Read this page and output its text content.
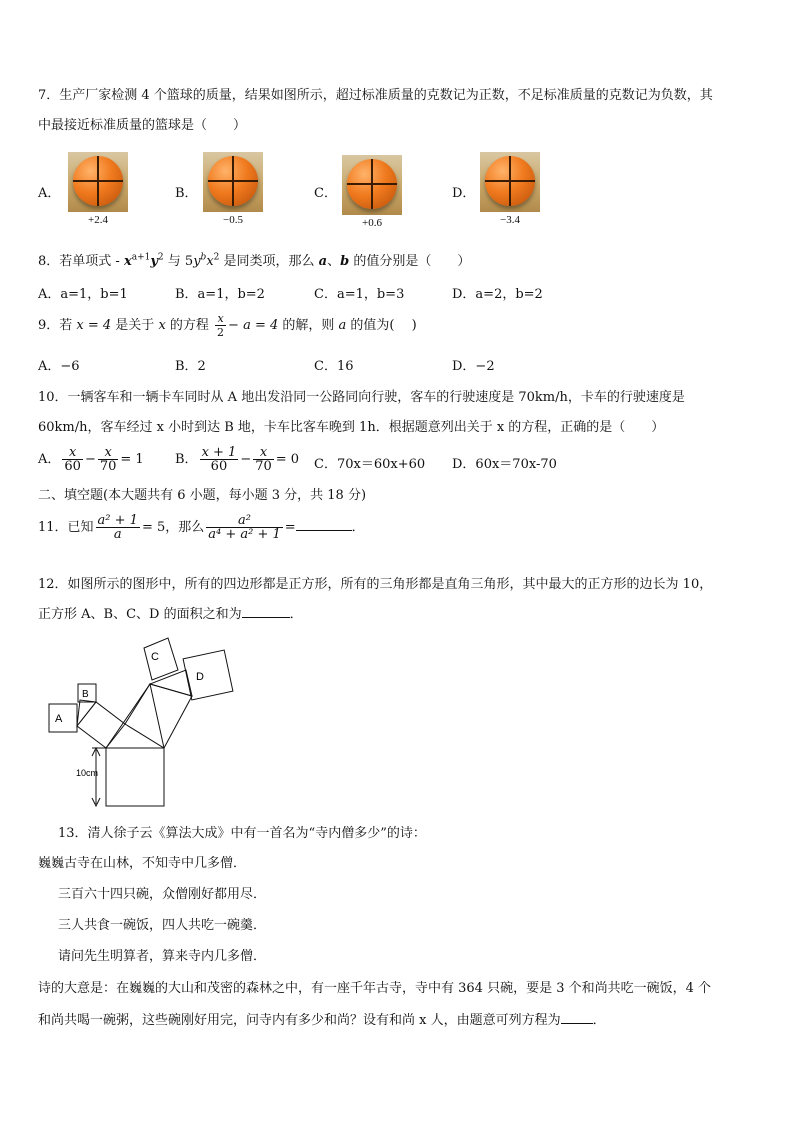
7．生产厂家检测 4 个篮球的质量，结果如图所示，超过标准质量的克数记为正数，不足标准质量的克数记为负数，其
中最接近标准质量的篮球是（　　）
A．
+2.4
B．
−0.5
C．
+0.6
D．
−3.4
8．若单项式 - $x^{a+1}y^2$ 与 $5y^bx^2$ 是同类项，那么 a、b 的值分别是（　　）
A．a=1，b=1	B．a=1，b=2	C．a=1，b=3	D．a=2，b=2
9．若 x = 4 是关于 x 的方程 $\frac{x}{2} - a = 4$ 的解，则 a 的值为(　 )
A．−6	B．2	C．16	D．−2
10．一辆客车和一辆卡车同时从 A 地出发沿同一公路同向行驶，客车的行驶速度是 70km/h，卡车的行驶速度是
60km/h，客车经过 x 小时到达 B 地，卡车比客车晚到 1h．根据题意列出关于 x 的方程，正确的是（　　）
A． $\frac{x}{60} - \frac{x}{70} = 1$ B． $\frac{x + 1}{60} - \frac{x}{70} = 0$ C．70x＝60x+60 D．60x＝70x-70
二、填空题(本大题共有 6 小题，每小题 3 分，共 18 分)
11．已知 $\frac{\text{a² + 1}}{a} = 5$，那么 $\frac{\text{a²}}{\text{a⁴ + a² + 1}}$ =	．
12．如图所示的图形中，所有的四边形都是正方形，所有的三角形都是直角三角形，其中最大的正方形的边长为 10，
正方形 A、B、C、D 的面积之和为	．
A
B
C
D
10cm
13．清人徐子云《算法大成》中有一首名为“寺内僧多少”的诗：
巍巍古寺在山林，不知寺中几多僧．
三百六十四只碗，众僧刚好都用尽．
三人共食一碗饭，四人共吃一碗羹．
请问先生明算者，算来寺内几多僧．
诗的大意是：在巍巍的大山和茂密的森林之中，有一座千年古寺，寺中有 364 只碗，要是 3 个和尚共吃一碗饭，4 个
和尚共喝一碗粥，这些碗刚好用完，问寺内有多少和尚？设有和尚 x 人，由题意可列方程为 ．
